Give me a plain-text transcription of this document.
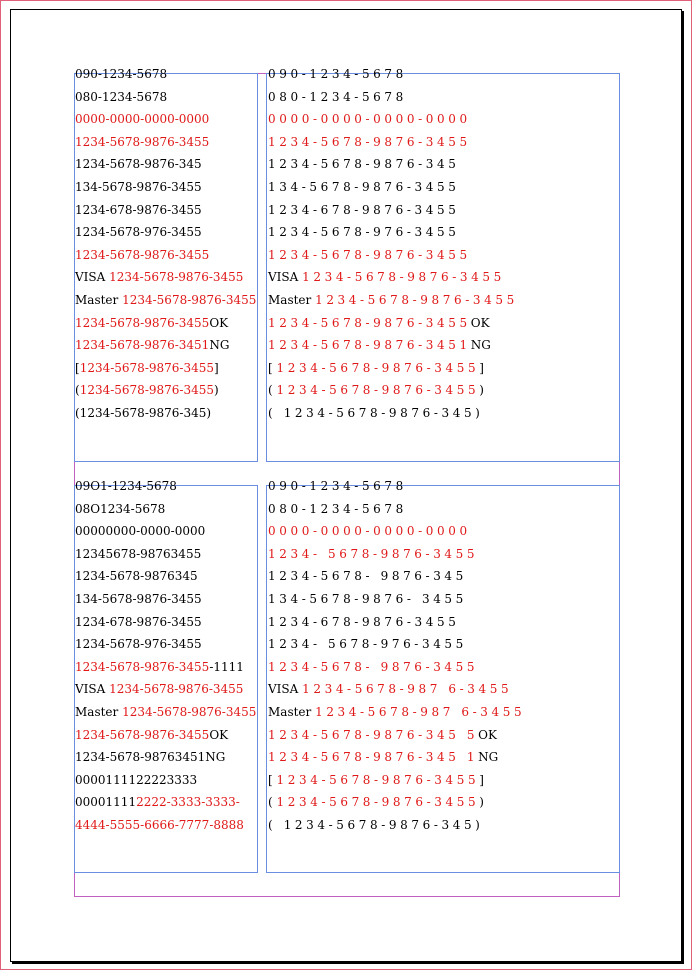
090-1234-5678
080-1234-5678
0000-0000-0000-0000
1234-5678-9876-3455
1234-5678-9876-345
134-5678-9876-3455
1234-678-9876-3455
1234-5678-976-3455
1234-5678-9876-3455
VISA 1234-5678-9876-3455
Master 1234-5678-9876-3455
1234-5678-9876-3455OK
1234-5678-9876-3451NG
[1234-5678-9876-3455]
(1234-5678-9876-3455)
(1234-5678-9876-345)
090-1234-5678
080-1234-5678
0000-0000-0000-0000
1234-5678-9876-3455
1234-5678-9876-345
134-5678-9876-3455
1234-678-9876-3455
1234-5678-976-3455
1234-5678-9876-3455
VISA 1234-5678-9876-3455
Master 1234-5678-9876-3455
1234-5678-9876-3455OK
1234-5678-9876-3451NG
[ 1234-5678-9876-3455]
( 1234-5678-9876-3455)
( 1234-5678-9876-345)
09O1-1234-5678
08O1234-5678
00000000-0000-0000
12345678-98763455
1234-5678-9876345
134-5678-9876-3455
1234-678-9876-3455
1234-5678-976-3455
1234-5678-9876-3455-1111
VISA 1234-5678-9876-3455
Master 1234-5678-9876-3455
1234-5678-9876-3455OK
1234-5678-98763451NG
0000111122223333
000011112222-3333-3333-
4444-5555-6666-7777-8888
090-1234-5678
080-1234-5678
0000-0000-0000-0000
1234- 5678-9876-3455
1234-5678- 9876-345
134-5678-9876- 3455
1234-678-9876-3455
1234- 5678-976-3455
1234-5678- 9876-3455
VISA 1234-5678-987 6-3455
Master 1234-5678-987 6-3455
1234-5678-9876-345 5OK
1234-5678-9876-345 1NG
[ 1234-5678-9876-3455]
( 1234-5678-9876-3455)
( 1234-5678-9876-345)
